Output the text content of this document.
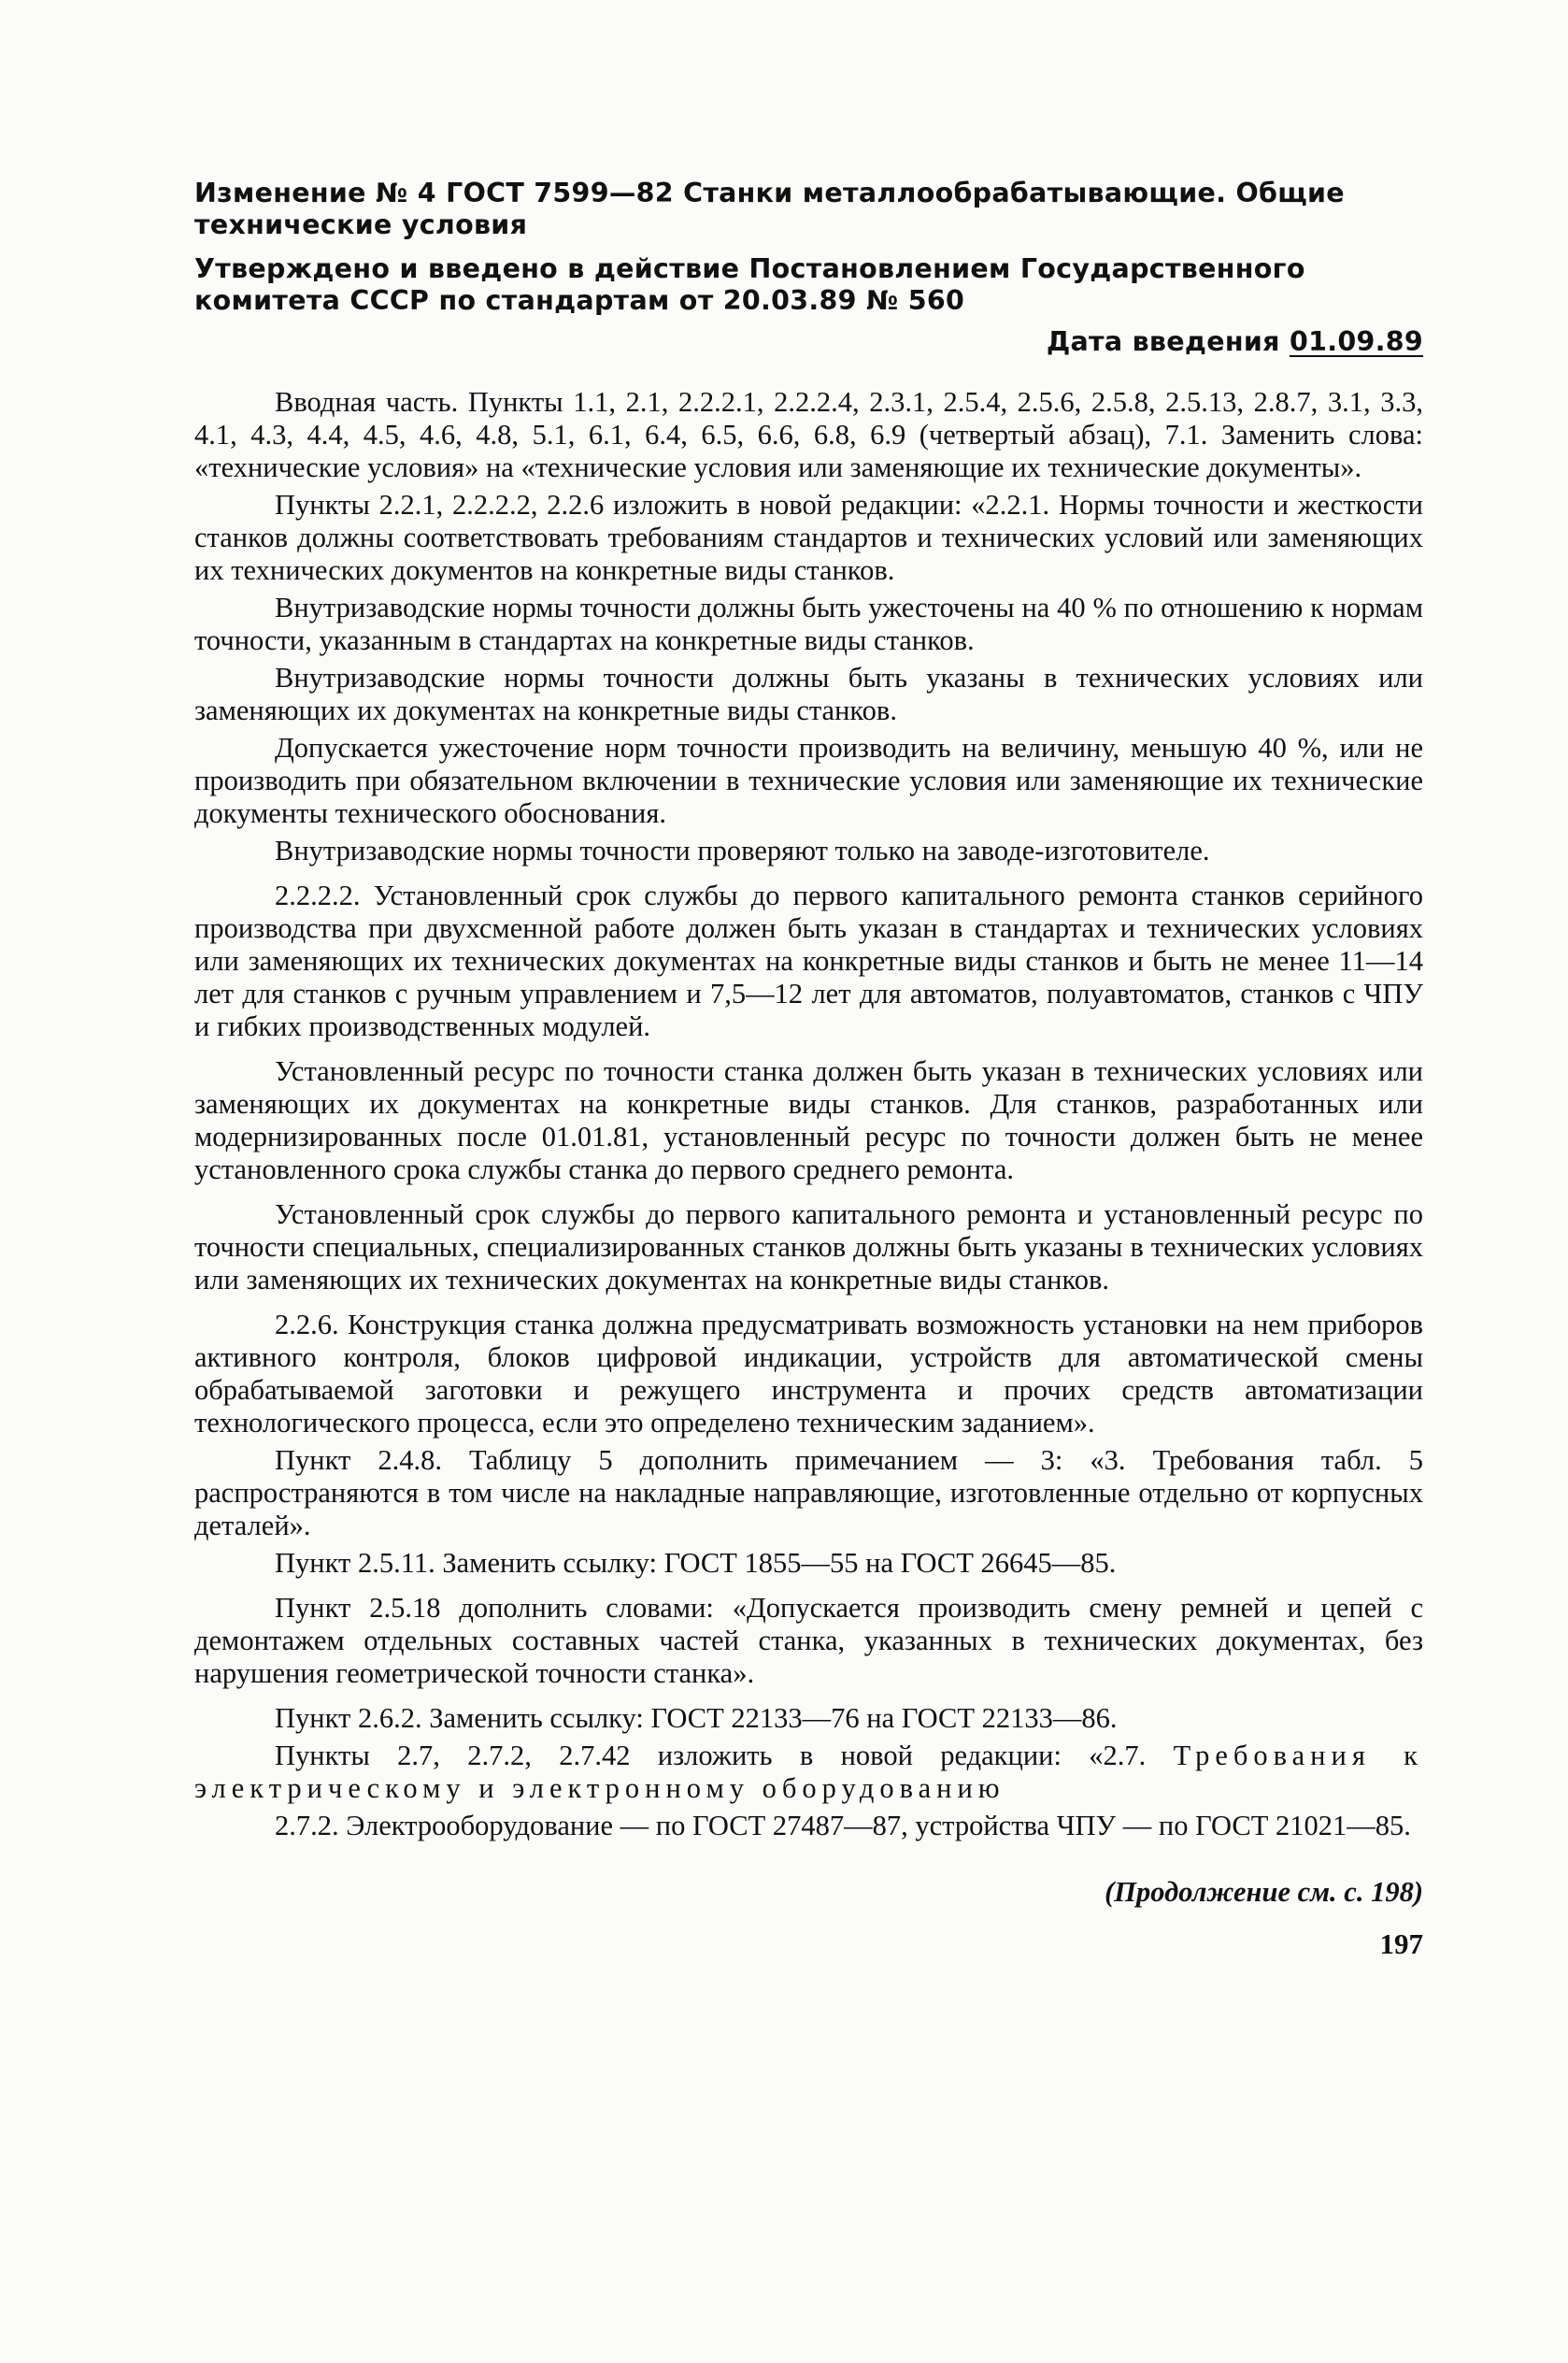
Изменение № 4 ГОСТ 7599—82 Станки металлообрабатывающие. Общие технические условия

Утверждено и введено в действие Постановлением Государственного комитета СССР по стандартам от 20.03.89 № 560

Дата введения 01.09.89

Вводная часть. Пункты 1.1, 2.1, 2.2.2.1, 2.2.2.4, 2.3.1, 2.5.4, 2.5.6, 2.5.8, 2.5.13, 2.8.7, 3.1, 3.3, 4.1, 4.3, 4.4, 4.5, 4.6, 4.8, 5.1, 6.1, 6.4, 6.5, 6.6, 6.8, 6.9 (четвертый абзац), 7.1. Заменить слова: «технические условия» на «технические условия или заменяющие их технические документы».

Пункты 2.2.1, 2.2.2.2, 2.2.6 изложить в новой редакции: «2.2.1. Нормы точности и жесткости станков должны соответствовать требованиям стандартов и технических условий или заменяющих их технических документов на конкретные виды станков.

Внутризаводские нормы точности должны быть ужесточены на 40 % по отношению к нормам точности, указанным в стандартах на конкретные виды станков.

Внутризаводские нормы точности должны быть указаны в технических условиях или заменяющих их документах на конкретные виды станков.

Допускается ужесточение норм точности производить на величину, меньшую 40 %, или не производить при обязательном включении в технические условия или заменяющие их технические документы технического обоснования.

Внутризаводские нормы точности проверяют только на заводе-изготовителе.

2.2.2.2. Установленный срок службы до первого капитального ремонта станков серийного производства при двухсменной работе должен быть указан в стандартах и технических условиях или заменяющих их технических документах на конкретные виды станков и быть не менее 11—14 лет для станков с ручным управлением и 7,5—12 лет для автоматов, полуавтоматов, станков с ЧПУ и гибких производственных модулей.

Установленный ресурс по точности станка должен быть указан в технических условиях или заменяющих их документах на конкретные виды станков. Для станков, разработанных или модернизированных после 01.01.81, установленный ресурс по точности должен быть не менее установленного срока службы станка до первого среднего ремонта.

Установленный срок службы до первого капитального ремонта и установленный ресурс по точности специальных, специализированных станков должны быть указаны в технических условиях или заменяющих их технических документах на конкретные виды станков.

2.2.6. Конструкция станка должна предусматривать возможность установки на нем приборов активного контроля, блоков цифровой индикации, устройств для автоматической смены обрабатываемой заготовки и режущего инструмента и прочих средств автоматизации технологического процесса, если это определено техническим заданием».

Пункт 2.4.8. Таблицу 5 дополнить примечанием — 3: «3. Требования табл. 5 распространяются в том числе на накладные направляющие, изготовленные отдельно от корпусных деталей».

Пункт 2.5.11. Заменить ссылку: ГОСТ 1855—55 на ГОСТ 26645—85.

Пункт 2.5.18 дополнить словами: «Допускается производить смену ремней и цепей с демонтажем отдельных составных частей станка, указанных в технических документах, без нарушения геометрической точности станка».

Пункт 2.6.2. Заменить ссылку: ГОСТ 22133—76 на ГОСТ 22133—86.

Пункты 2.7, 2.7.2, 2.7.42 изложить в новой редакции: «2.7. Требования к электрическому и электронному оборудованию

2.7.2. Электрооборудование — по ГОСТ 27487—87, устройства ЧПУ — по ГОСТ 21021—85.

(Продолжение см. с. 198)

197
